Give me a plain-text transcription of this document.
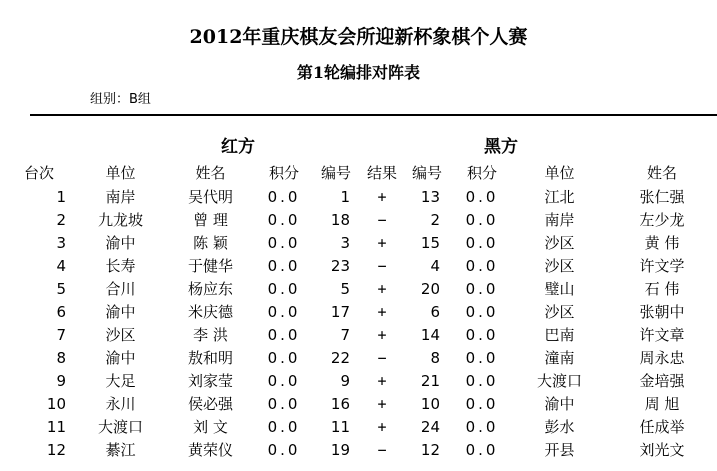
2012年重庆棋友会所迎新杯象棋个人赛
第1轮编排对阵表
组别：B组
红方	黑方
台次	单位	姓名	积分	编号	结果	编号	积分	单位	姓名
1	南岸	吴代明	0.0	1	+	13	0.0	江北	张仁强
2	九龙坡	曾 理	0.0	18	−	2	0.0	南岸	左少龙
3	渝中	陈 颖	0.0	3	+	15	0.0	沙区	黄 伟
4	长寿	于健华	0.0	23	−	4	0.0	沙区	许文学
5	合川	杨应东	0.0	5	+	20	0.0	璧山	石 伟
6	渝中	米庆德	0.0	17	+	6	0.0	沙区	张朝中
7	沙区	李 洪	0.0	7	+	14	0.0	巴南	许文章
8	渝中	敖和明	0.0	22	−	8	0.0	潼南	周永忠
9	大足	刘家莹	0.0	9	+	21	0.0	大渡口	金培强
10	永川	侯必强	0.0	16	+	10	0.0	渝中	周 旭
11	大渡口	刘 文	0.0	11	+	24	0.0	彭水	任成举
12	綦江	黄荣仪	0.0	19	−	12	0.0	开县	刘光文
